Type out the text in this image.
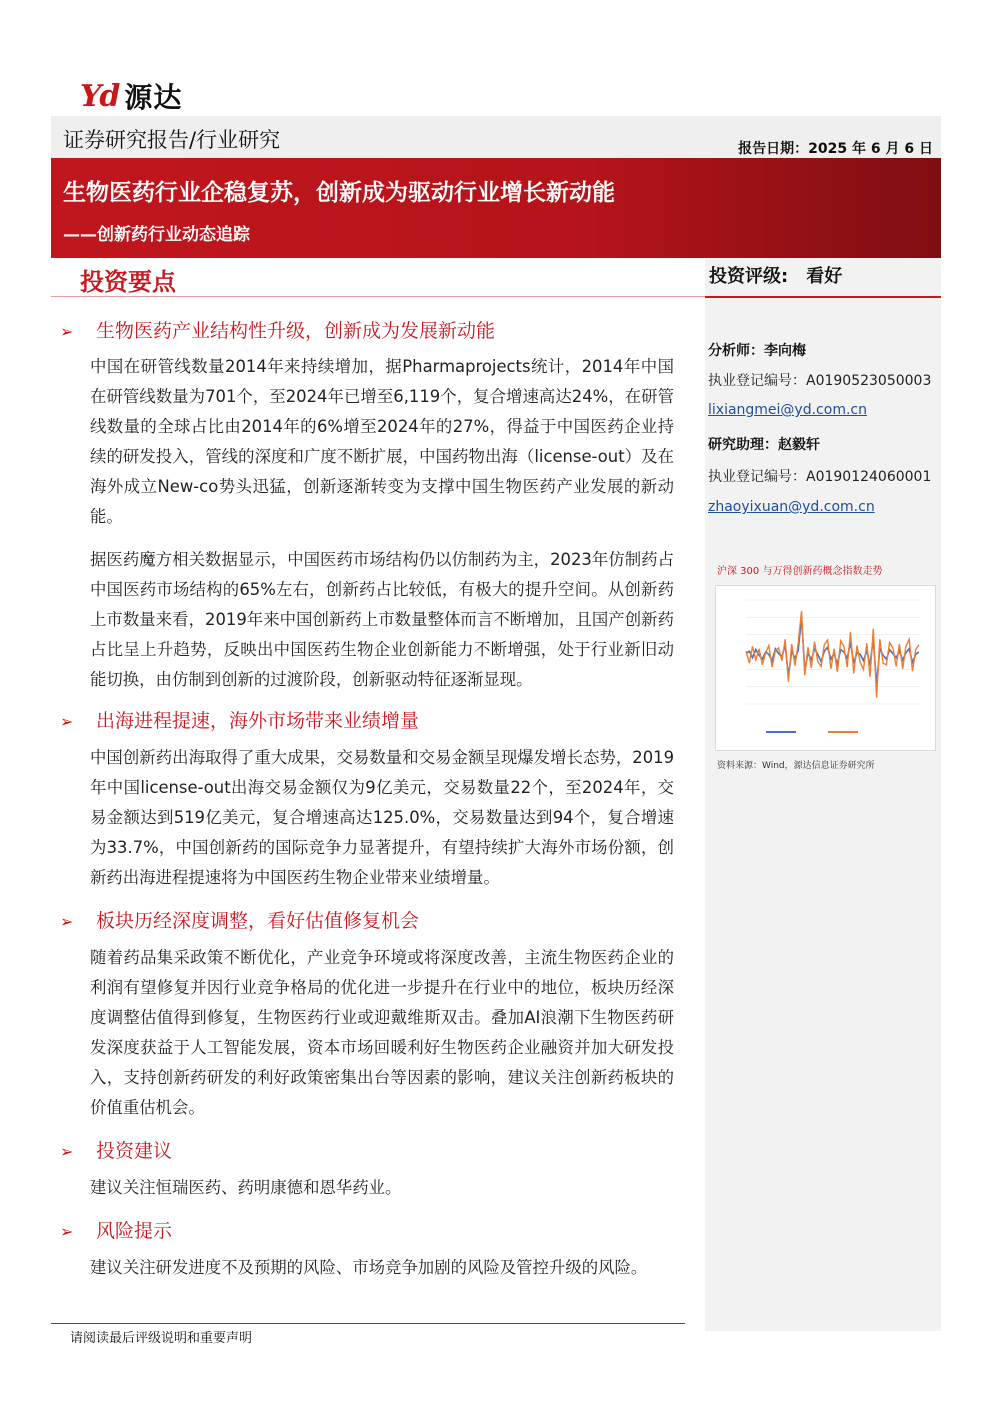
Yd 源达
证券研究报告/行业研究	报告日期：2025 年 6 月 6 日
生物医药行业企稳复苏，创新成为驱动行业增长新动能
——创新药行业动态追踪
投资要点
➢ 生物医药产业结构性升级，创新成为发展新动能
中国在研管线数量2014年来持续增加，据Pharmaprojects统计，2014年中国在研管线数量为701个，至2024年已增至6,119个，复合增速高达24%，在研管线数量的全球占比由2014年的6%增至2024年的27%，得益于中国医药企业持续的研发投入，管线的深度和广度不断扩展，中国药物出海（license-out）及在海外成立New-co势头迅猛，创新逐渐转变为支撑中国生物医药产业发展的新动能。
据医药魔方相关数据显示，中国医药市场结构仍以仿制药为主，2023年仿制药占中国医药市场结构的65%左右，创新药占比较低，有极大的提升空间。从创新药上市数量来看，2019年来中国创新药上市数量整体而言不断增加，且国产创新药占比呈上升趋势，反映出中国医药生物企业创新能力不断增强，处于行业新旧动能切换，由仿制到创新的过渡阶段，创新驱动特征逐渐显现。
➢ 出海进程提速，海外市场带来业绩增量
中国创新药出海取得了重大成果，交易数量和交易金额呈现爆发增长态势，2019年中国license-out出海交易金额仅为9亿美元，交易数量22个，至2024年，交易金额达到519亿美元，复合增速高达125.0%，交易数量达到94个，复合增速为33.7%，中国创新药的国际竞争力显著提升，有望持续扩大海外市场份额，创新药出海进程提速将为中国医药生物企业带来业绩增量。
➢ 板块历经深度调整，看好估值修复机会
随着药品集采政策不断优化，产业竞争环境或将深度改善，主流生物医药企业的利润有望修复并因行业竞争格局的优化进一步提升在行业中的地位，板块历经深度调整估值得到修复，生物医药行业或迎戴维斯双击。叠加AI浪潮下生物医药研发深度获益于人工智能发展，资本市场回暖利好生物医药企业融资并加大研发投入，支持创新药研发的利好政策密集出台等因素的影响，建议关注创新药板块的价值重估机会。
➢ 投资建议
建议关注恒瑞医药、药明康德和恩华药业。
➢ 风险提示
建议关注研发进度不及预期的风险、市场竞争加剧的风险及管控升级的风险。
投资评级: 看好
分析师：李向梅
执业登记编号：A0190523050003
lixiangmei@yd.com.cn
研究助理：赵毅轩
执业登记编号：A0190124060001
zhaoyixuan@yd.com.cn
沪深 300 与万得创新药概念指数走势
资料来源：Wind，源达信息证券研究所
请阅读最后评级说明和重要声明
